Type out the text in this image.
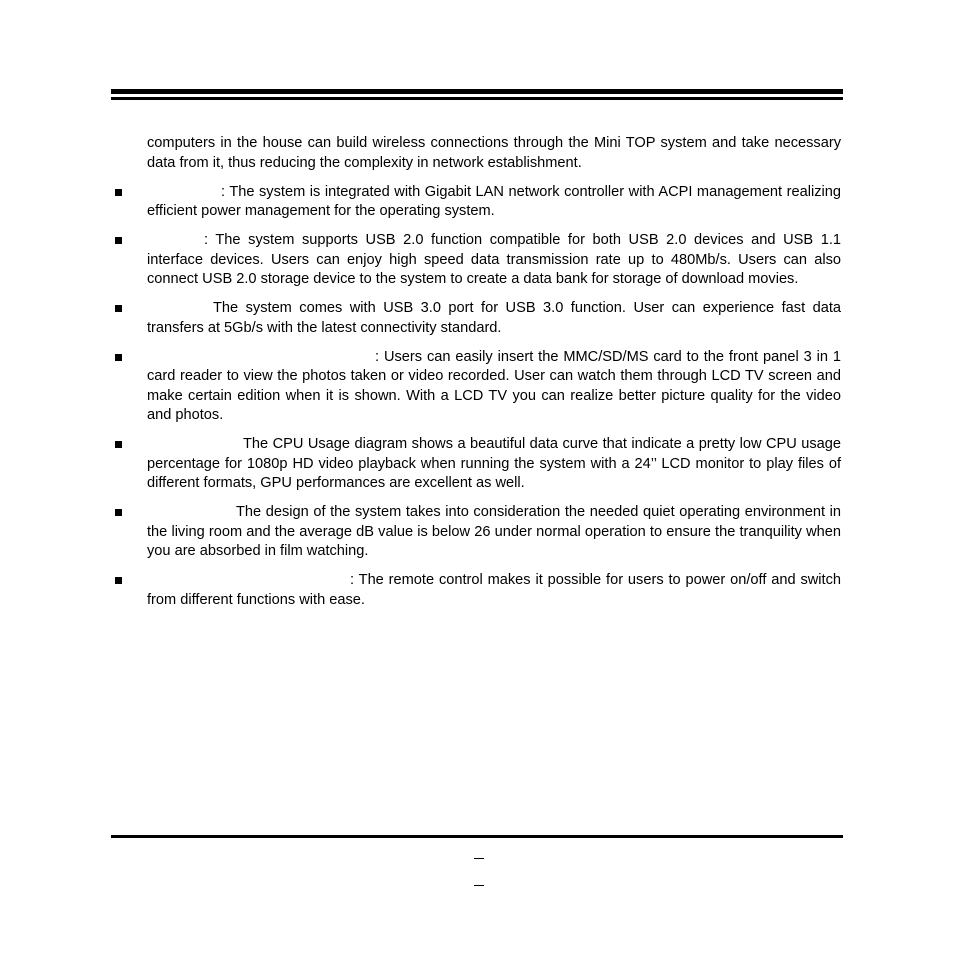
computers in the house can build wireless connections through the Mini TOP system and take necessary data from it, thus reducing the complexity in network establishment.

: The system is integrated with Gigabit LAN network controller with ACPI management realizing efficient power management for the operating system.
: The system supports USB 2.0 function compatible for both USB 2.0 devices and USB 1.1 interface devices. Users can enjoy high speed data transmission rate up to 480Mb/s. Users can also connect USB 2.0 storage device to the system to create a data bank for storage of download movies.
The system comes with USB 3.0 port for USB 3.0 function. User can experience fast data transfers at 5Gb/s with the latest connectivity standard.
: Users can easily insert the MMC/SD/MS card to the front panel 3 in 1 card reader to view the photos taken or video recorded. User can watch them through LCD TV screen and make certain edition when it is shown. With a LCD TV you can realize better picture quality for the video and photos.
The CPU Usage diagram shows a beautiful data curve that indicate a pretty low CPU usage percentage for 1080p HD video playback when running the system with a 24’’ LCD monitor to play files of different formats, GPU performances are excellent as well.
The design of the system takes into consideration the needed quiet operating environment in the living room and the average dB value is below 26 under normal operation to ensure the tranquility when you are absorbed in film watching.
: The remote control makes it possible for users to power on/off and switch from different functions with ease.
